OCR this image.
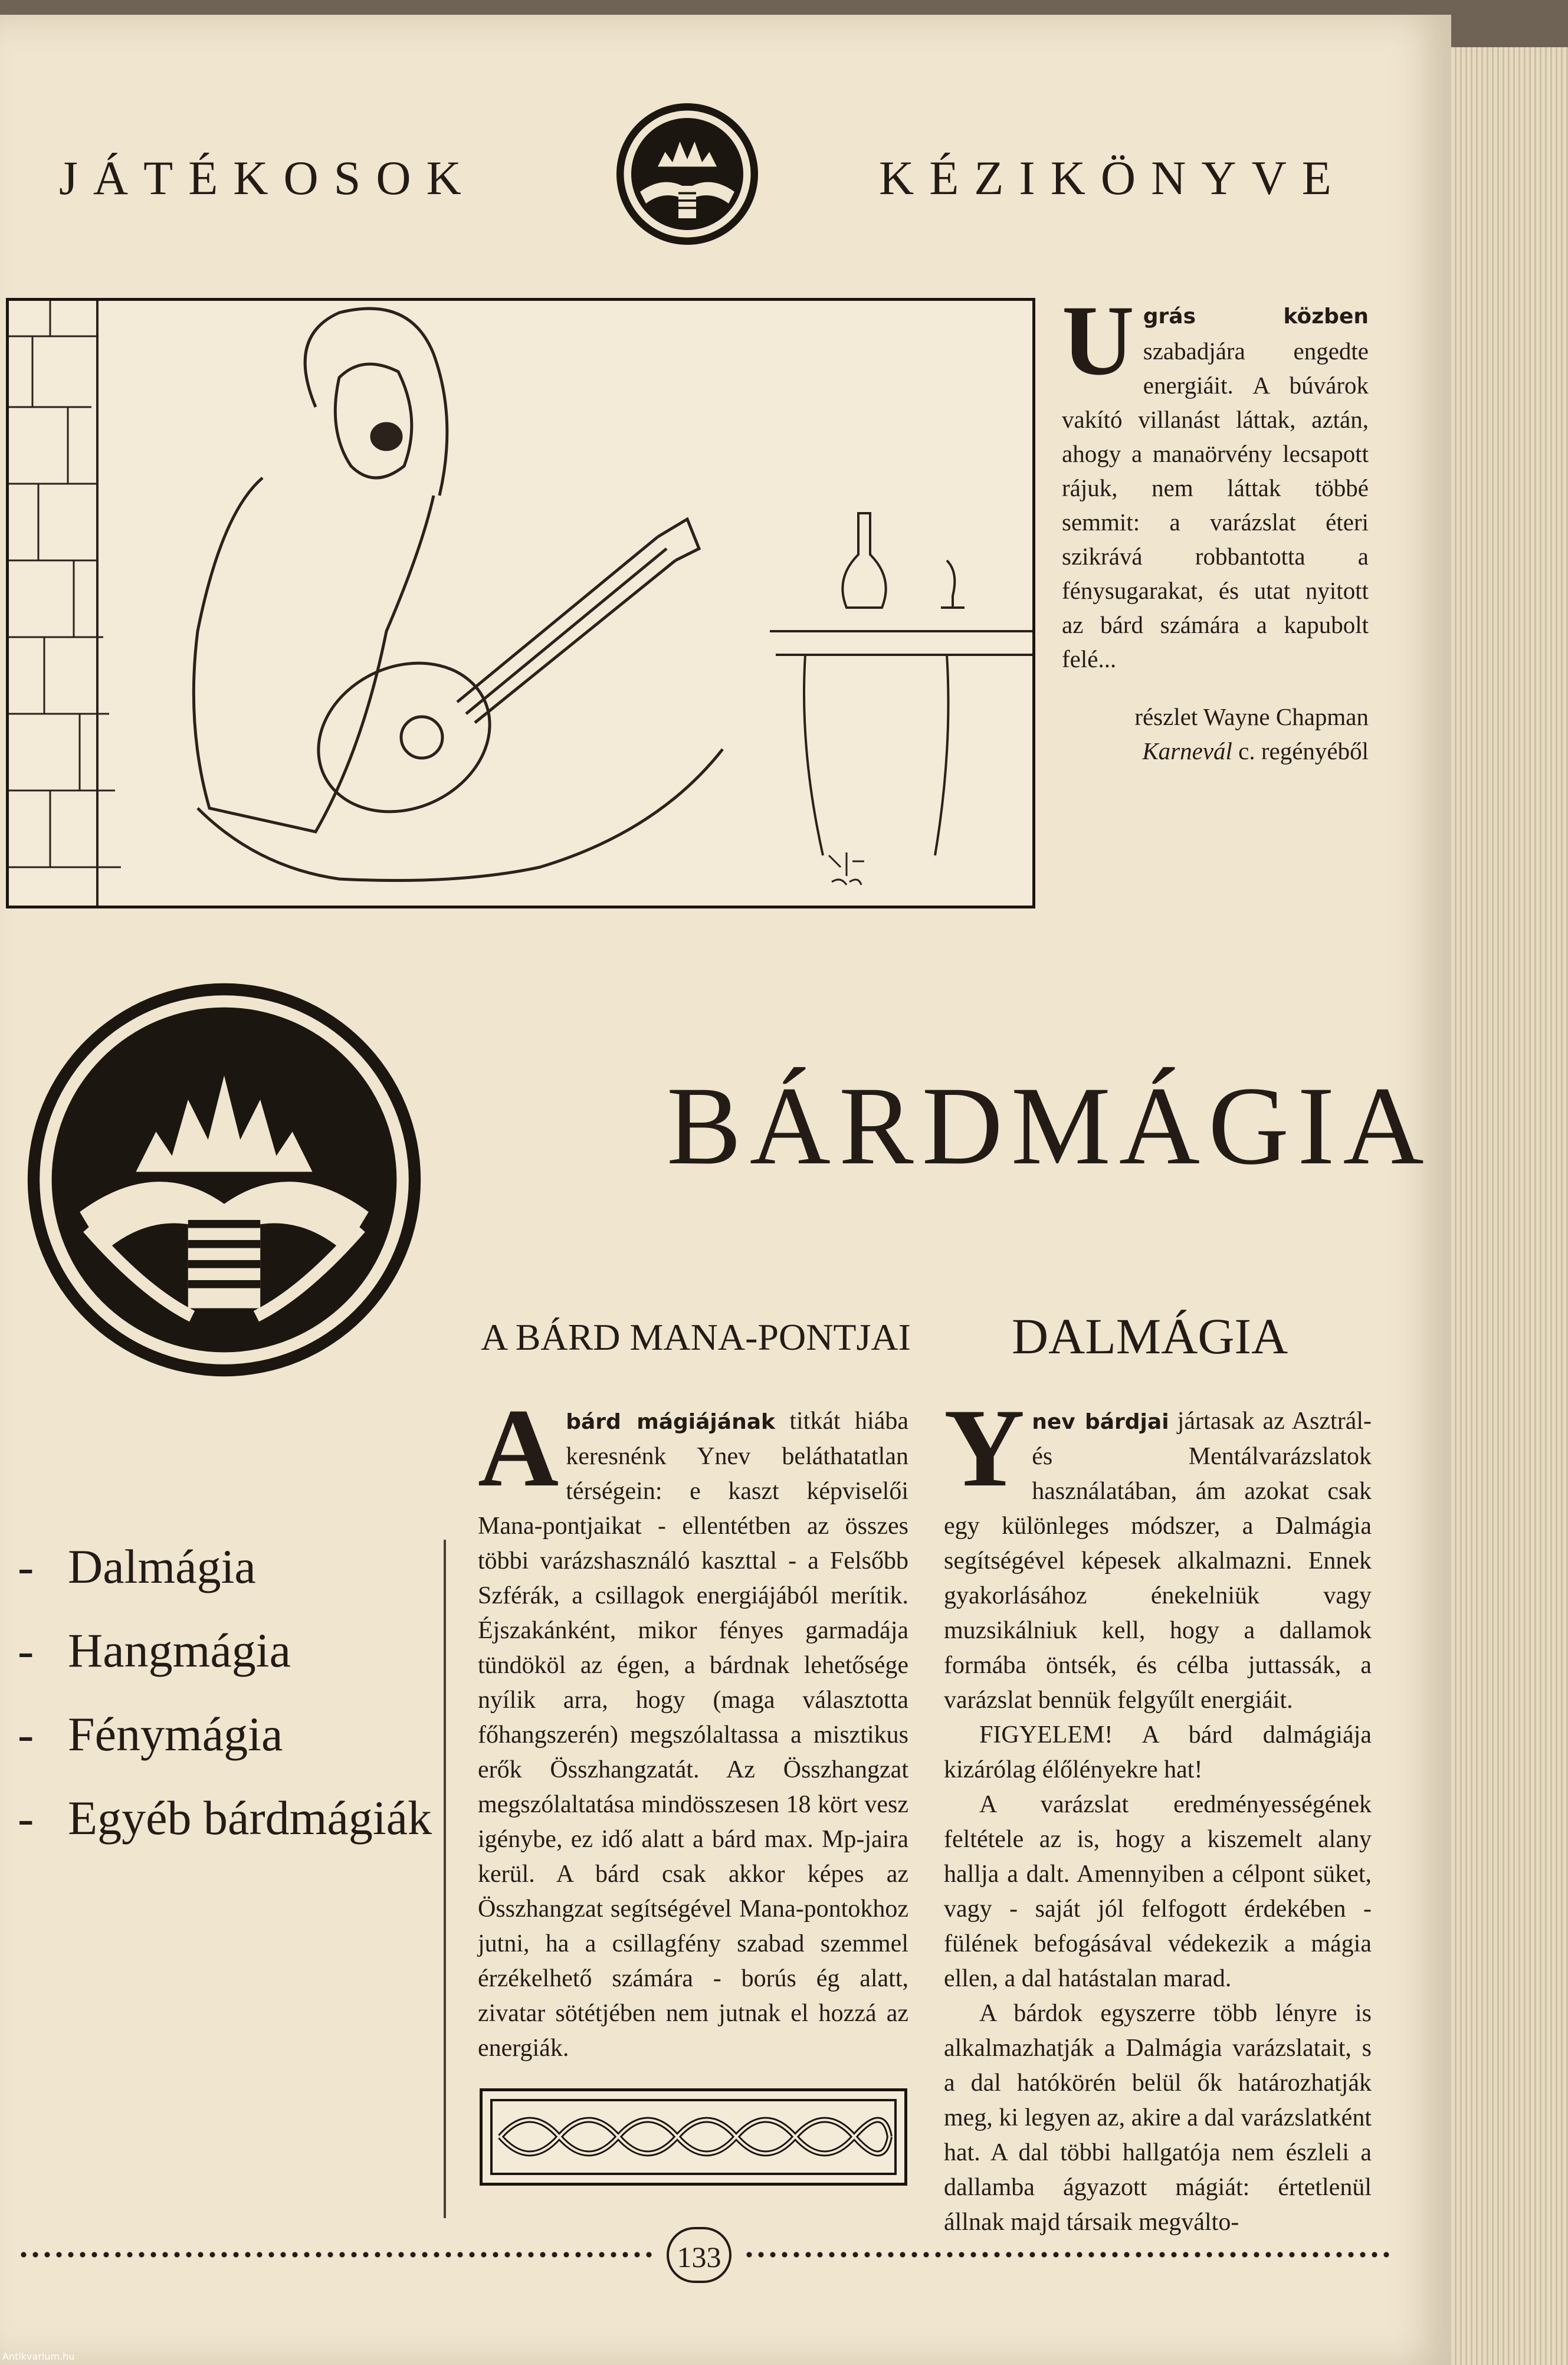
JÁTÉKOSOK	KÉZIKÖNYVE
Ugrás közben szabadjára engedte energiáit. A búvárok vakító villanást láttak, aztán, ahogy a manaörvény lecsapott rájuk, nem láttak többé semmit: a varázslat éteri szikrává robbantotta a fénysugarakat, és utat nyitott az bárd számára a kapubolt felé...
részlet Wayne Chapman
Karnevál c. regényéből
BÁRDMÁGIA
- Dalmágia
- Hangmágia
- Fénymágia
- Egyéb bárdmágiák
A BÁRD MANA-PONTJAI

Abárd mágiájának titkát hiába keresnénk Ynev beláthatatlan térségein: e kaszt képviselői Mana-pontjaikat - ellentétben az összes többi varázshasználó kaszttal - a Felsőbb Szférák, a csillagok energiájából merítik. Éjszakánként, mikor fényes garmadája tündököl az égen, a bárdnak lehetősége nyílik arra, hogy (maga választotta főhangszerén) megszólaltassa a misztikus erők Összhangzatát. Az Összhangzat megszólaltatása mindösszesen 18 kört vesz igénybe, ez idő alatt a bárd max. Mp-jaira kerül. A bárd csak akkor képes az Összhangzat segítségével Mana-pontokhoz jutni, ha a csillagfény szabad szemmel érzékelhető számára - borús ég alatt, zivatar sötétjében nem jutnak el hozzá az energiák.

DALMÁGIA

Ynev bárdjai jártasak az Asztrál- és Mentálvarázslatok használatában, ám azokat csak egy különleges módszer, a Dalmágia segítségével képesek alkalmazni. Ennek gyakorlásához énekelniük vagy muzsikálniuk kell, hogy a dallamok formába öntsék, és célba juttassák, a varázslat bennük felgyűlt energiáit.

FIGYELEM! A bárd dalmágiája kizárólag élőlényekre hat!

A varázslat eredményességének feltétele az is, hogy a kiszemelt alany hallja a dalt. Amennyiben a célpont süket, vagy - saját jól felfogott érdekében - fülének befogásával védekezik a mágia ellen, a dal hatástalan marad.

A bárdok egyszerre több lényre is alkalmazhatják a Dalmágia varázslatait, s a dal hatókörén belül ők határozhatják meg, ki legyen az, akire a dal varázslatként hat. A dal többi hallgatója nem észleli a dallamba ágyazott mágiát: értetlenül állnak majd társaik megválto-

133
Antikvarium.hu
